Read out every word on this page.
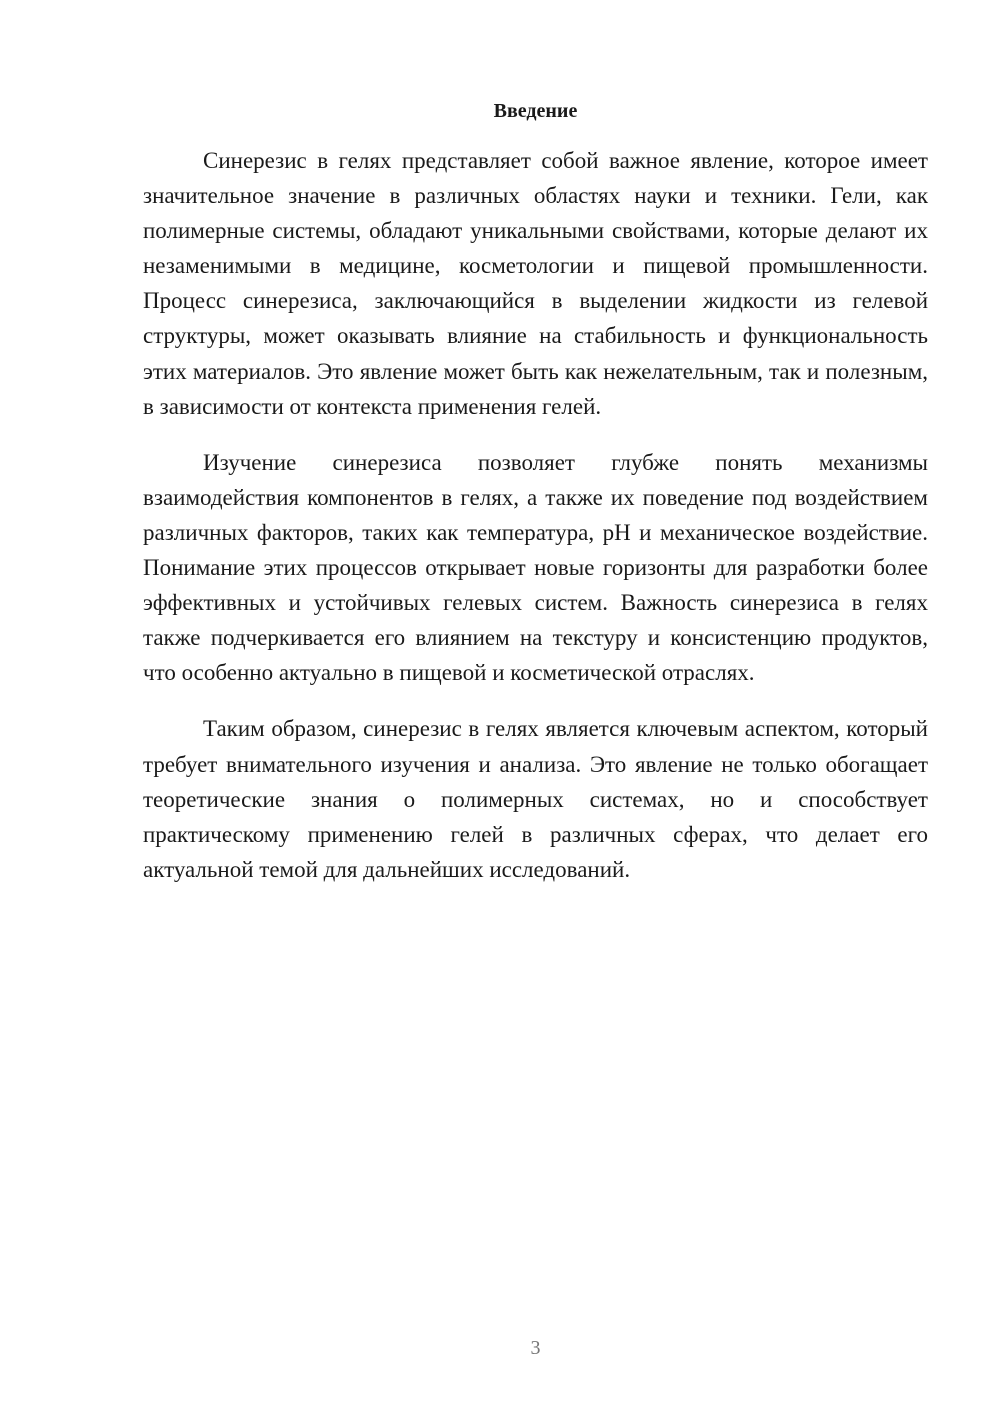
Введение

Синерезис в гелях представляет собой важное явление, которое имеет значительное значение в различных областях науки и техники. Гели, как полимерные системы, обладают уникальными свойствами, которые делают их незаменимыми в медицине, косметологии и пищевой промышленности. Процесс синерезиса, заключающийся в выделении жидкости из гелевой структуры, может оказывать влияние на стабильность и функциональность этих материалов. Это явление может быть как нежелательным, так и полезным, в зависимости от контекста применения гелей.

Изучение синерезиса позволяет глубже понять механизмы взаимодействия компонентов в гелях, а также их поведение под воздействием различных факторов, таких как температура, pH и механическое воздействие. Понимание этих процессов открывает новые горизонты для разработки более эффективных и устойчивых гелевых систем. Важность синерезиса в гелях также подчеркивается его влиянием на текстуру и консистенцию продуктов, что особенно актуально в пищевой и косметической отраслях.

Таким образом, синерезис в гелях является ключевым аспектом, который требует внимательного изучения и анализа. Это явление не только обогащает теоретические знания о полимерных системах, но и способствует практическому применению гелей в различных сферах, что делает его актуальной темой для дальнейших исследований.

3
